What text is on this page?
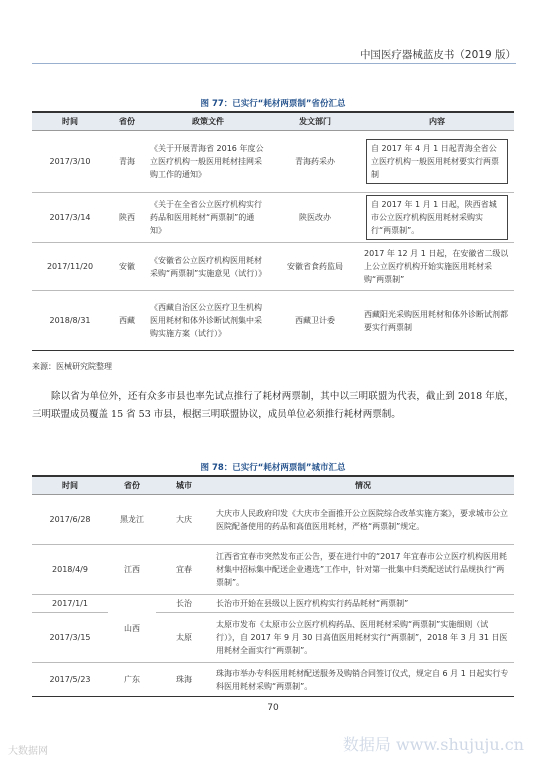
中国医疗器械蓝皮书（2019 版）
图 77：已实行“耗材两票制”省份汇总
时间	省份	政策文件	发文部门	内容
2017/3/10	青海	《关于开展青海省 2016 年度公立医疗机构一般医用耗材挂网采购工作的通知》	青海药采办	自 2017 年 4 月 1 日起青海全省公立医疗机构一般医用耗材要实行两票制

2017/3/14	陕西	《关于在全省公立医疗机构实行药品和医用耗材“两票制”的通知》	陕医改办	自 2017 年 1 月 1 日起，陕西省城市公立医疗机构医用耗材采购实行“两票制”。

2017/11/20	安徽	《安徽省公立医疗机构医用耗材采购“两票制”实施意见（试行）》	安徽省食药监局	2017 年 12 月 1 日起，在安徽省二级以上公立医疗机构开始实施医用耗材采购“两票制”
2018/8/31	西藏	《西藏自治区公立医疗卫生机构医用耗材和体外诊断试剂集中采购实施方案（试行）》	西藏卫计委	西藏阳光采购医用耗材和体外诊断试剂都要实行两票制
来源：医械研究院整理
除以省为单位外，还有众多市县也率先试点推行了耗材两票制，其中以三明联盟为代表，截止到 2018 年底，三明联盟成员覆盖 15 省 53 市县，根据三明联盟协议，成员单位必须推行耗材两票制。
图 78：已实行“耗材两票制”城市汇总
时间	省份	城市	情况
2017/6/28	黑龙江	大庆	大庆市人民政府印发《大庆市全面推开公立医院综合改革实施方案》，要求城市公立医院配备使用的药品和高值医用耗材，严格“两票制”规定。
2018/4/9	江西	宜春	江西省宜春市突然发布正公告，要在进行中的“2017 年宜春市公立医疗机构医用耗材集中招标集中配送企业遴选”工作中，针对第一批集中归类配送试行品规执行“两票制”。
2017/1/1	山西	长治	长治市开始在县级以上医疗机构实行药品耗材“两票制”
2017/3/15		太原	太原市发布《太原市公立医疗机构药品、医用耗材采购“两票制”实施细则（试行）》，自 2017 年 9 月 30 日高值医用耗材实行“两票制”，2018 年 3 月 31 日医用耗材全面实行“两票制”。
2017/5/23	广东	珠海	珠海市举办专科医用耗材配送服务及购销合同签订仪式，规定自 6 月 1 日起实行专科医用耗材采购“两票制”。
70
大数据网	数据局 www.shujuju.cn
